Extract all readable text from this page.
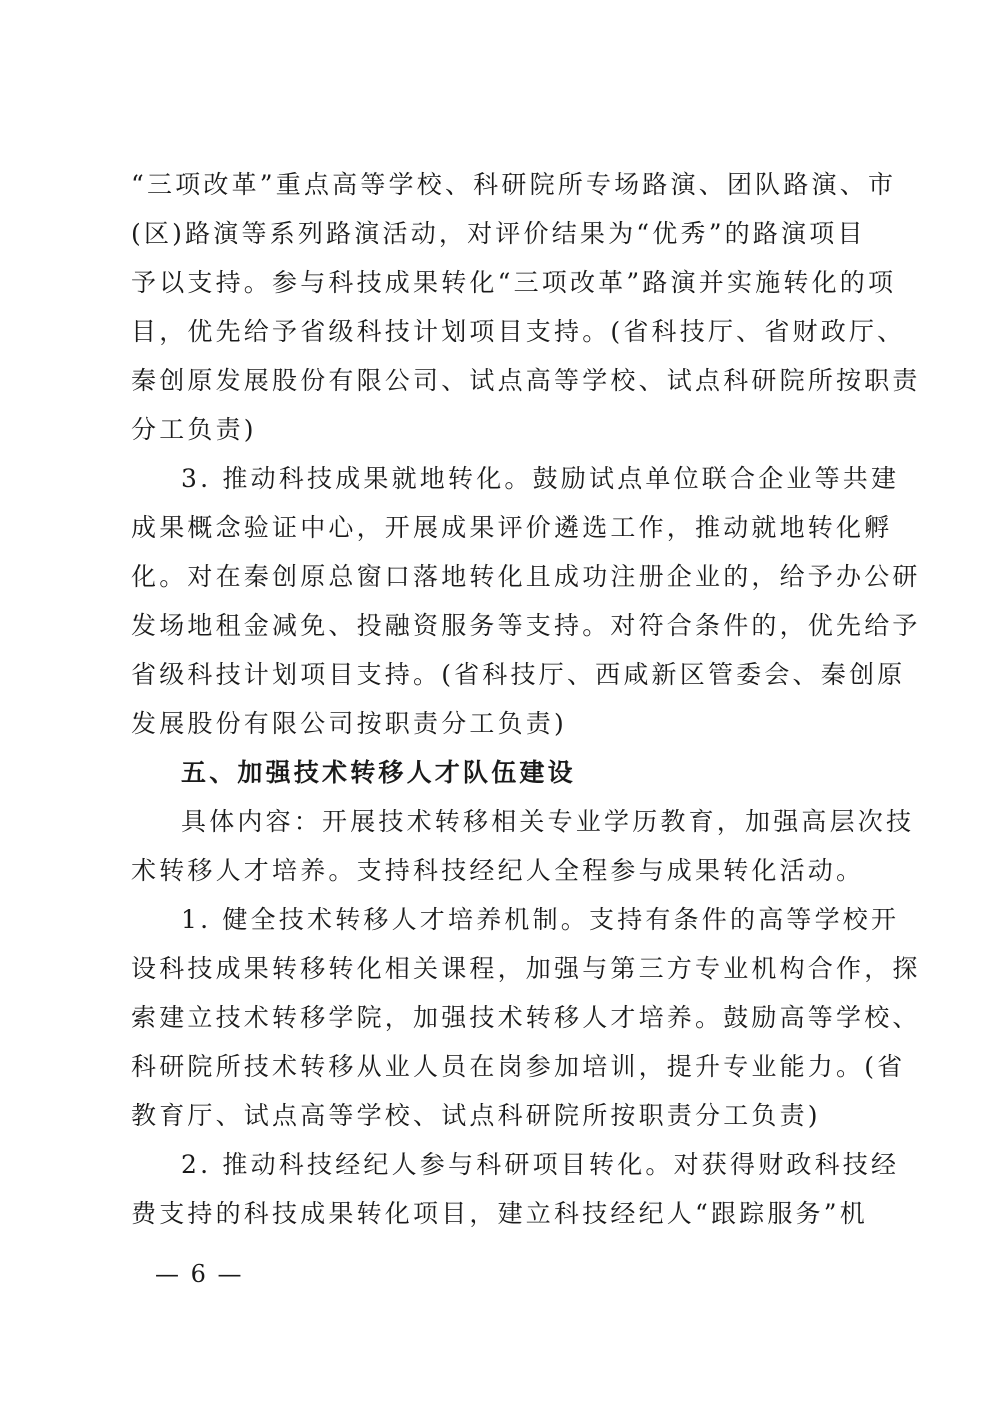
“三项改革”重点高等学校、科研院所专场路演、团队路演、市
(区)路演等系列路演活动，对评价结果为“优秀”的路演项目
予以支持。参与科技成果转化“三项改革”路演并实施转化的项
目，优先给予省级科技计划项目支持。(省科技厅、省财政厅、
秦创原发展股份有限公司、试点高等学校、试点科研院所按职责
分工负责)
3. 推动科技成果就地转化。鼓励试点单位联合企业等共建
成果概念验证中心，开展成果评价遴选工作，推动就地转化孵
化。对在秦创原总窗口落地转化且成功注册企业的，给予办公研
发场地租金减免、投融资服务等支持。对符合条件的，优先给予
省级科技计划项目支持。(省科技厅、西咸新区管委会、秦创原
发展股份有限公司按职责分工负责)
五、加强技术转移人才队伍建设
具体内容：开展技术转移相关专业学历教育，加强高层次技
术转移人才培养。支持科技经纪人全程参与成果转化活动。
1. 健全技术转移人才培养机制。支持有条件的高等学校开
设科技成果转移转化相关课程，加强与第三方专业机构合作，探
索建立技术转移学院，加强技术转移人才培养。鼓励高等学校、
科研院所技术转移从业人员在岗参加培训，提升专业能力。(省
教育厅、试点高等学校、试点科研院所按职责分工负责)
2. 推动科技经纪人参与科研项目转化。对获得财政科技经
费支持的科技成果转化项目，建立科技经纪人“跟踪服务”机
— 6 —
